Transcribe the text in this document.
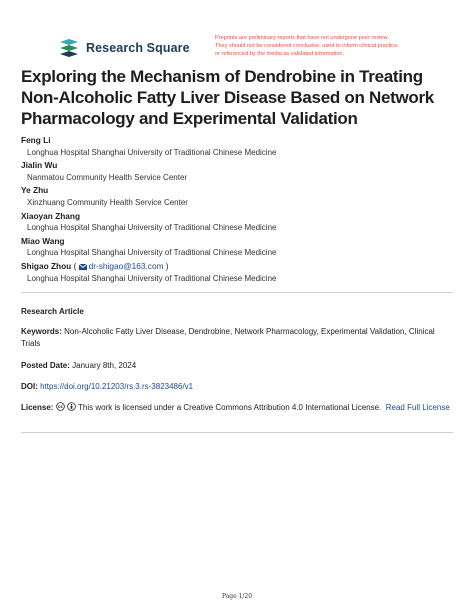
Research Square
Preprints are preliminary reports that have not undergone peer review.
They should not be considered conclusive, used to inform clinical practice,
or referenced by the media as validated information.
Exploring the Mechanism of Dendrobine in Treating Non-Alcoholic Fatty Liver Disease Based on Network Pharmacology and Experimental Validation
Feng Li
Longhua Hospital Shanghai University of Traditional Chinese Medicine
Jialin Wu
Nanmatou Community Health Service Center
Ye Zhu
Xinzhuang Community Health Service Center
Xiaoyan Zhang
Longhua Hospital Shanghai University of Traditional Chinese Medicine
Miao Wang
Longhua Hospital Shanghai University of Traditional Chinese Medicine
Shigao Zhou ( dr-shigao@163.com )
Longhua Hospital Shanghai University of Traditional Chinese Medicine
Research Article
Keywords: Non-Alcoholic Fatty Liver Disease, Dendrobine, Network Pharmacology, Experimental Validation, Clinical Trials
Posted Date: January 8th, 2024
DOI: https://doi.org/10.21203/rs.3.rs-3823486/v1
License: cc This work is licensed under a Creative Commons Attribution 4.0 International License. Read Full License
Page 1/20
